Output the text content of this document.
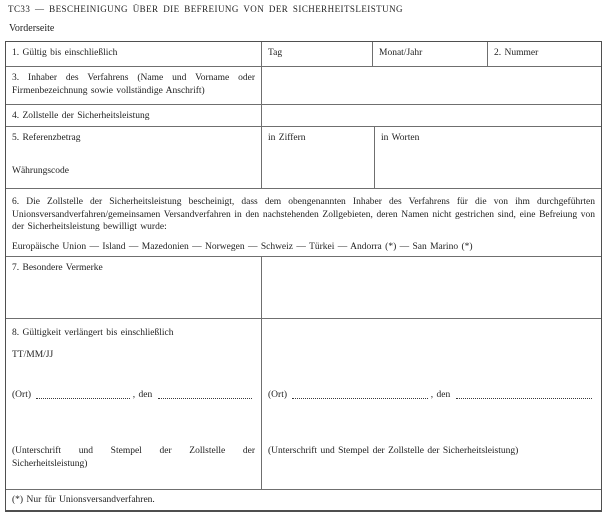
TC33 — BESCHEINIGUNG ÜBER DIE BEFREIUNG VON DER SICHERHEITSLEISTUNG
Vorderseite
1. Gültig bis einschließlich	Tag	Monat/Jahr	2. Nummer
3. Inhaber des Verfahrens (Name und Vorname oder Firmenbezeichnung sowie vollständige Anschrift)
4. Zollstelle der Sicherheitsleistung
5. Referenzbetrag
Währungscode
in Ziffern	in Worten
6. Die Zollstelle der Sicherheitsleistung bescheinigt, dass dem obengenannten Inhaber des Verfahrens für die von ihm durchgeführten Unionsversandverfahren/gemeinsamen Versandverfahren in den nachstehenden Zollgebieten, deren Namen nicht gestrichen sind, eine Befreiung von der Sicherheitsleistung bewilligt wurde:
Europäische Union — Island — Mazedonien — Norwegen — Schweiz — Türkei — Andorra (*) — San Marino (*)
7. Besondere Vermerke
8. Gültigkeit verlängert bis einschließlich
TT/MM/JJ
(Ort)	, den
(Unterschrift und Stempel der Zollstelle der Sicherheitsleistung)
(Ort)	, den
(Unterschrift und Stempel der Zollstelle der Sicherheitsleistung)
(*) Nur für Unionsversandverfahren.
